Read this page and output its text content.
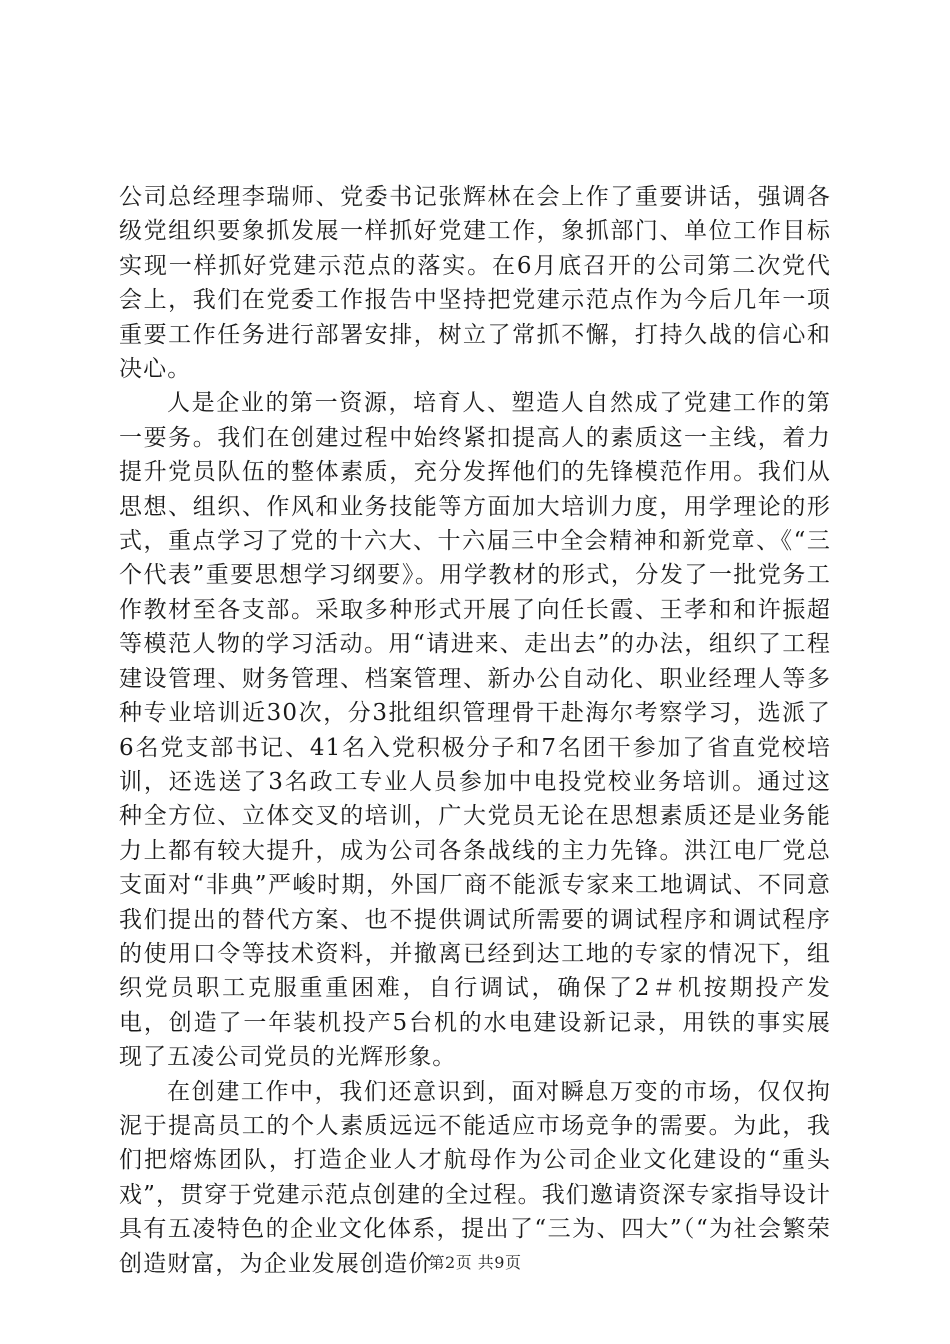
公司总经理李瑞师、党委书记张辉林在会上作了重要讲话，强调各级党组织要象抓发展一样抓好党建工作，象抓部门、单位工作目标实现一样抓好党建示范点的落实。在6月底召开的公司第二次党代会上，我们在党委工作报告中坚持把党建示范点作为今后几年一项重要工作任务进行部署安排，树立了常抓不懈，打持久战的信心和决心。

人是企业的第一资源，培育人、塑造人自然成了党建工作的第一要务。我们在创建过程中始终紧扣提高人的素质这一主线，着力提升党员队伍的整体素质，充分发挥他们的先锋模范作用。我们从思想、组织、作风和业务技能等方面加大培训力度，用学理论的形式，重点学习了党的十六大、十六届三中全会精神和新党章、《“三个代表”重要思想学习纲要》。用学教材的形式，分发了一批党务工作教材至各支部。采取多种形式开展了向任长霞、王孝和和许振超等模范人物的学习活动。用“请进来、走出去”的办法，组织了工程建设管理、财务管理、档案管理、新办公自动化、职业经理人等多种专业培训近30次，分3批组织管理骨干赴海尔考察学习，选派了6名党支部书记、41名入党积极分子和7名团干参加了省直党校培训，还选送了3名政工专业人员参加中电投党校业务培训。通过这种全方位、立体交叉的培训，广大党员无论在思想素质还是业务能力上都有较大提升，成为公司各条战线的主力先锋。洪江电厂党总支面对“非典”严峻时期，外国厂商不能派专家来工地调试、不同意我们提出的替代方案、也不提供调试所需要的调试程序和调试程序的使用口令等技术资料，并撤离已经到达工地的专家的情况下，组织党员职工克服重重困难，自行调试，确保了2＃机按期投产发电，创造了一年装机投产5台机的水电建设新记录，用铁的事实展现了五凌公司党员的光辉形象。

在创建工作中，我们还意识到，面对瞬息万变的市场，仅仅拘泥于提高员工的个人素质远远不能适应市场竞争的需要。为此，我们把熔炼团队，打造企业人才航母作为公司企业文化建设的“重头戏”，贯穿于党建示范点创建的全过程。我们邀请资深专家指导设计具有五凌特色的企业文化体系，提出了“三为、四大”（“为社会繁荣创造财富，为企业发展创造价

第2页 共9页
